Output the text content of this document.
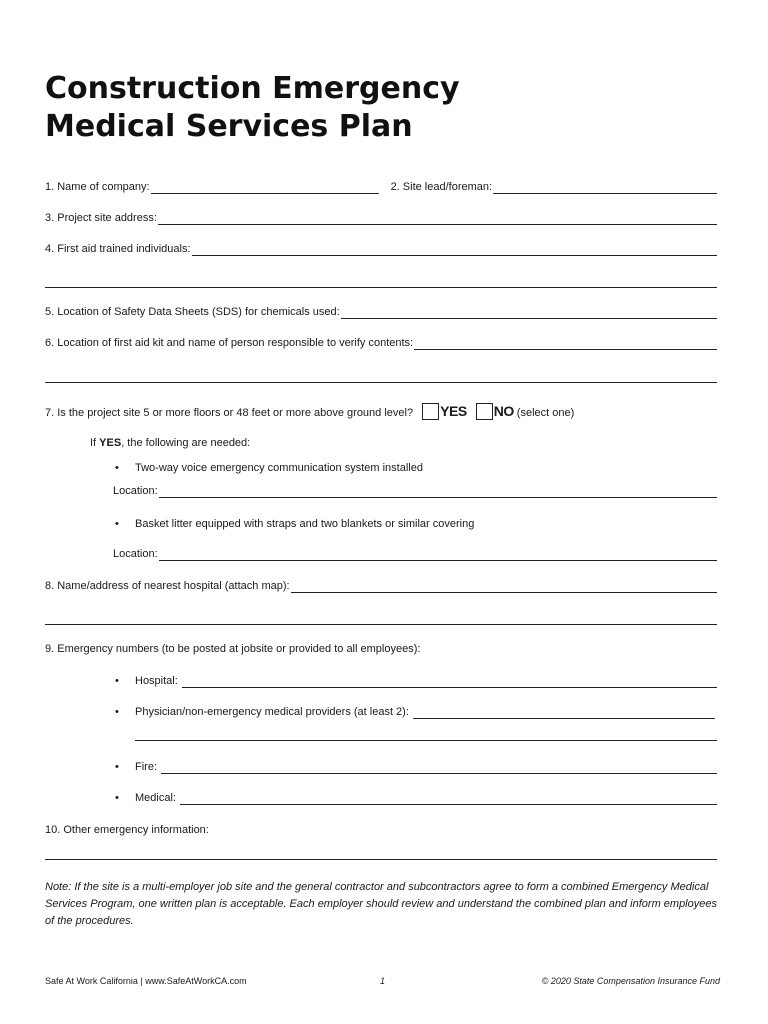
Construction Emergency
Medical Services Plan
1. Name of company:	2. Site lead/foreman:
3. Project site address:
4. First aid trained individuals:
5. Location of Safety Data Sheets (SDS) for chemicals used:
6. Location of first aid kit and name of person responsible to verify contents:
7. Is the project site 5 or more floors or 48 feet or more above ground level? YES NO (select one)
If YES, the following are needed:
• Two-way voice emergency communication system installed
Location:
• Basket litter equipped with straps and two blankets or similar covering
Location:
8. Name/address of nearest hospital (attach map):
9. Emergency numbers (to be posted at jobsite or provided to all employees):
• Hospital:
• Physician/non-emergency medical providers (at least 2):
• Fire:
• Medical:
10. Other emergency information:

Note: If the site is a multi-employer job site and the general contractor and subcontractors agree to form a combined Emergency Medical Services Program, one written plan is acceptable. Each employer should review and understand the combined plan and inform employees of the procedures.

Safe At Work California | www.SafeAtWorkCA.com	1	© 2020 State Compensation Insurance Fund
